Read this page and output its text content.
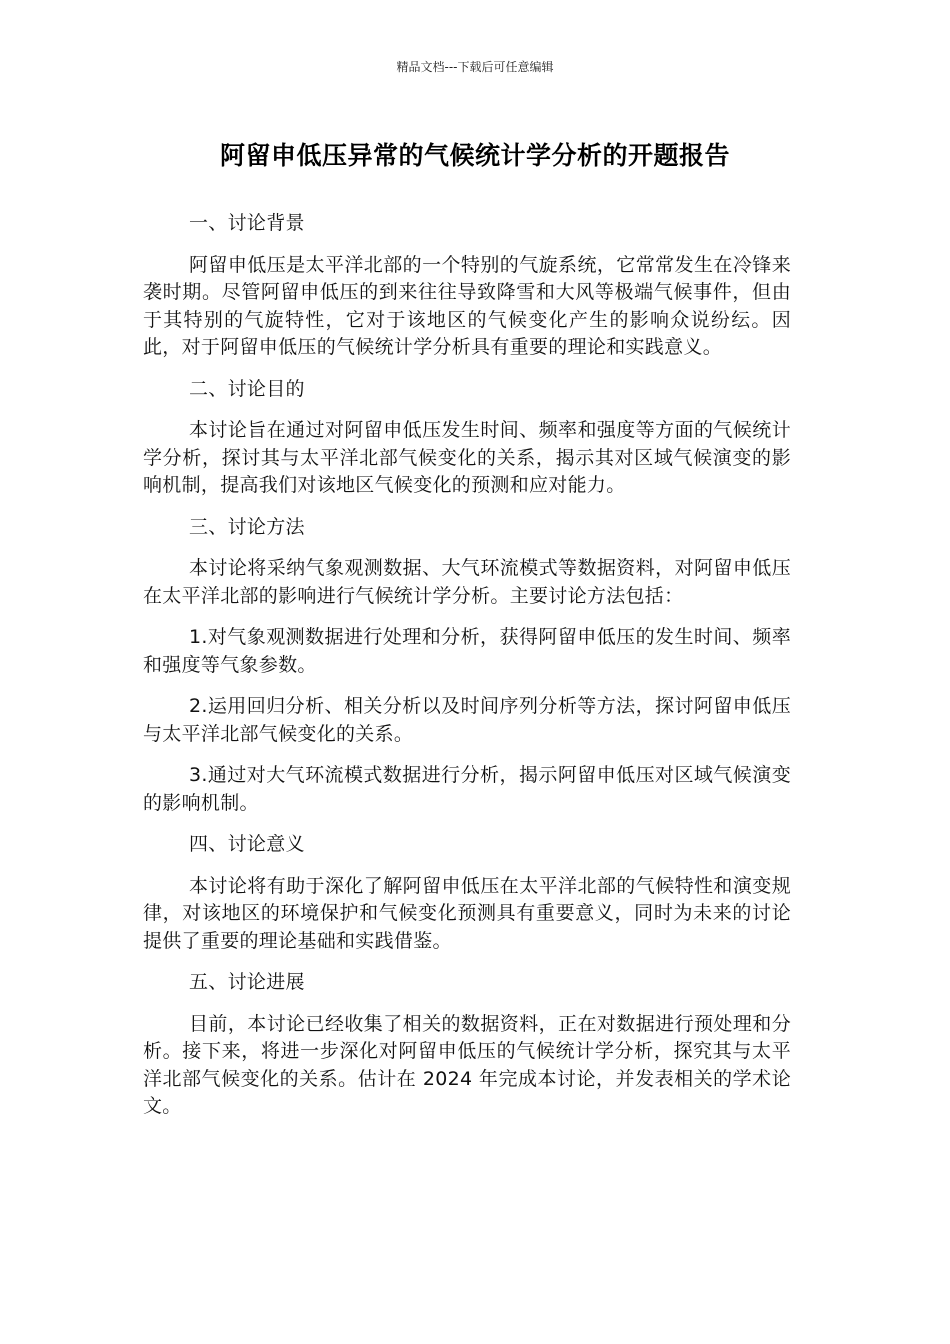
精品文档---下载后可任意编辑
阿留申低压异常的气候统计学分析的开题报告
一、讨论背景

阿留申低压是太平洋北部的一个特别的气旋系统，它常常发生在冷锋来袭时期。尽管阿留申低压的到来往往导致降雪和大风等极端气候事件，但由于其特别的气旋特性，它对于该地区的气候变化产生的影响众说纷纭。因此，对于阿留申低压的气候统计学分析具有重要的理论和实践意义。

二、讨论目的

本讨论旨在通过对阿留申低压发生时间、频率和强度等方面的气候统计学分析，探讨其与太平洋北部气候变化的关系，揭示其对区域气候演变的影响机制，提高我们对该地区气候变化的预测和应对能力。

三、讨论方法

本讨论将采纳气象观测数据、大气环流模式等数据资料，对阿留申低压在太平洋北部的影响进行气候统计学分析。主要讨论方法包括：

1.对气象观测数据进行处理和分析，获得阿留申低压的发生时间、频率和强度等气象参数。

2.运用回归分析、相关分析以及时间序列分析等方法，探讨阿留申低压与太平洋北部气候变化的关系。

3.通过对大气环流模式数据进行分析，揭示阿留申低压对区域气候演变的影响机制。

四、讨论意义

本讨论将有助于深化了解阿留申低压在太平洋北部的气候特性和演变规律，对该地区的环境保护和气候变化预测具有重要意义，同时为未来的讨论提供了重要的理论基础和实践借鉴。

五、讨论进展

目前，本讨论已经收集了相关的数据资料，正在对数据进行预处理和分析。接下来，将进一步深化对阿留申低压的气候统计学分析，探究其与太平洋北部气候变化的关系。估计在 2024 年完成本讨论，并发表相关的学术论文。
